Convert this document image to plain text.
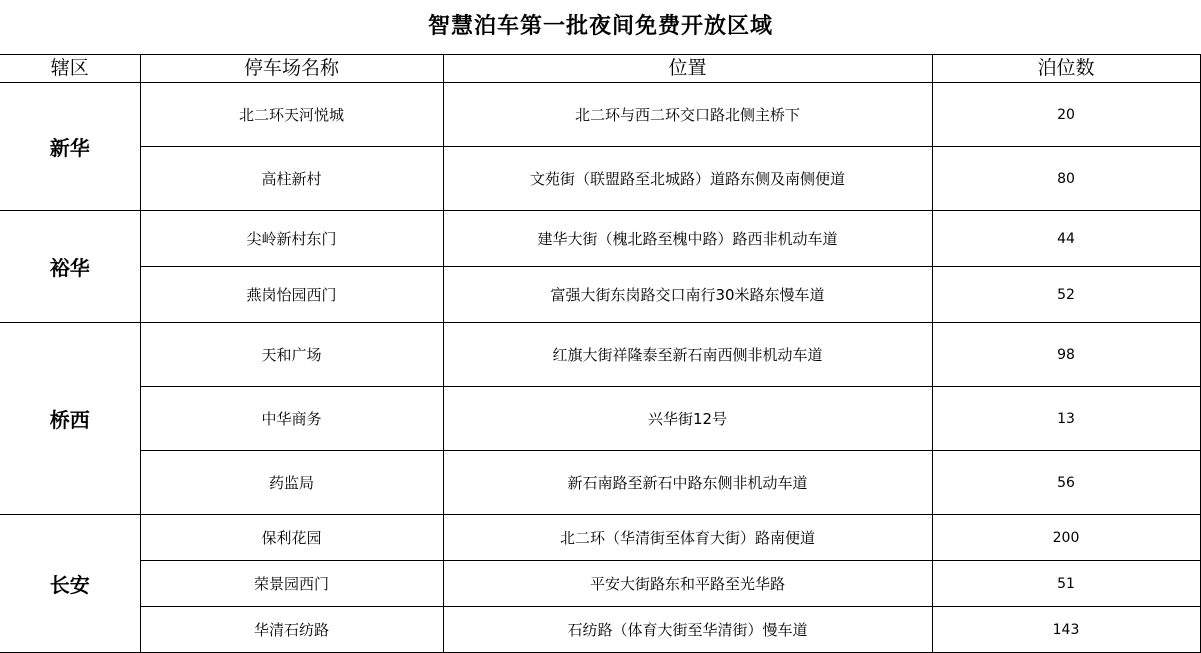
智慧泊车第一批夜间免费开放区域
辖区	停车场名称	位置	泊位数
新华	北二环天河悦城	北二环与西二环交口路北侧主桥下	20
	高柱新村	文苑街（联盟路至北城路）道路东侧及南侧便道	80
裕华	尖岭新村东门	建华大街（槐北路至槐中路）路西非机动车道	44
	燕岗怡园西门	富强大街东岗路交口南行30米路东慢车道	52
桥西	天和广场	红旗大街祥隆泰至新石南西侧非机动车道	98
	中华商务	兴华街12号	13
	药监局	新石南路至新石中路东侧非机动车道	56
长安	保利花园	北二环（华清街至体育大街）路南便道	200
	荣景园西门	平安大街路东和平路至光华路	51
	华清石纺路	石纺路（体育大街至华清街）慢车道	143
